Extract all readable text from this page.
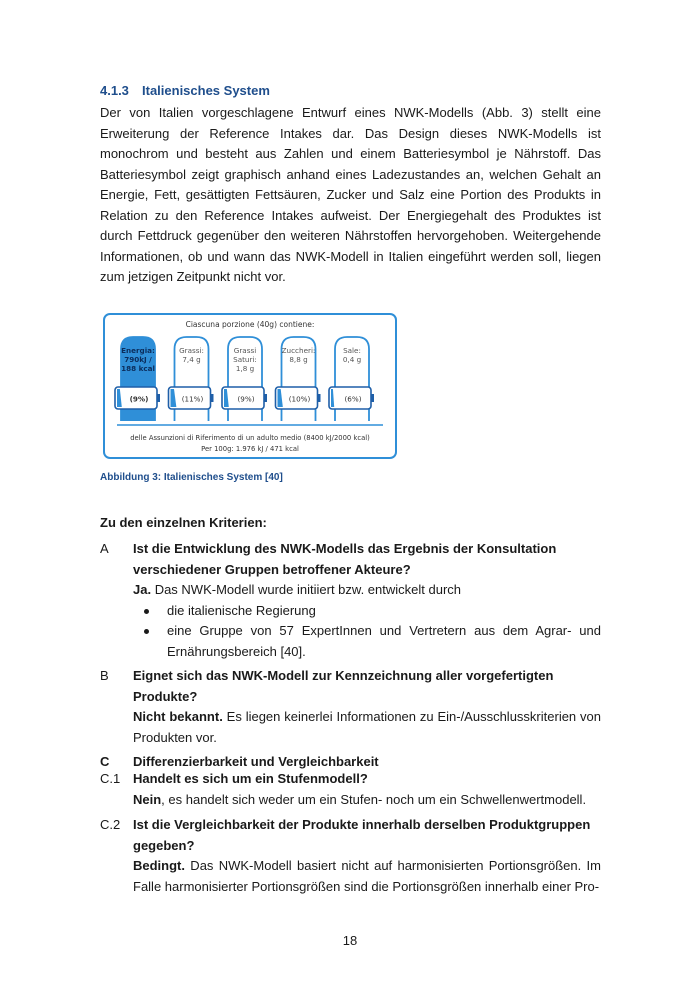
4.1.3 Italienisches System

Der von Italien vorgeschlagene Entwurf eines NWK-Modells (Abb. 3) stellt eine Erweiterung der Reference Intakes dar. Das Design dieses NWK-Modells ist monochrom und besteht aus Zahlen und einem Batteriesymbol je Nährstoff. Das Batteriesymbol zeigt graphisch anhand eines Ladezustandes an, welchen Gehalt an Energie, Fett, gesättigten Fettsäuren, Zucker und Salz eine Portion des Produkts in Relation zu den Reference Intakes aufweist. Der Energiegehalt des Produktes ist durch Fettdruck gegenüber den weiteren Nährstoffen hervorgehoben. Weitergehende Informationen, ob und wann das NWK-Modell in Italien eingeführt werden soll, liegen zum jetzigen Zeitpunkt nicht vor.

Ciascuna porzione (40g) contiene:
Energia:
790kJ /
188 kcal
(9%)
Grassi:
7,4 g
(11%)
Grassi
Saturi:
1,8 g
(9%)
Zuccheri:
8,8 g
(10%)
Sale:
0,4 g
(6%)
delle Assunzioni di Riferimento di un adulto medio (8400 kJ/2000 kcal)
Per 100g: 1.976 kJ / 471 kcal
Abbildung 3: Italienisches System [40]
Zu den einzelnen Kriterien:
A	Ist die Entwicklung des NWK-Modells das Ergebnis der Konsultation verschiedener Gruppen betroffener Akteure?
Ja. Das NWK-Modell wurde initiiert bzw. entwickelt durch
die italienische Regierung
eine Gruppe von 57 ExpertInnen und Vertretern aus dem Agrar- und Ernährungsbereich [40].
B	Eignet sich das NWK-Modell zur Kennzeichnung aller vorgefertigten Produkte?
Nicht bekannt. Es liegen keinerlei Informationen zu Ein-/Ausschlusskriterien von Produkten vor.
C	Differenzierbarkeit und Vergleichbarkeit
C.1 Handelt es sich um ein Stufenmodell?
Nein, es handelt sich weder um ein Stufen- noch um ein Schwellenwertmodell.
C.2 Ist die Vergleichbarkeit der Produkte innerhalb derselben Produktgruppen gegeben?
Bedingt. Das NWK-Modell basiert nicht auf harmonisierten Portionsgrößen. Im Falle harmonisierter Portionsgrößen sind die Portionsgrößen innerhalb einer Pro-
18
